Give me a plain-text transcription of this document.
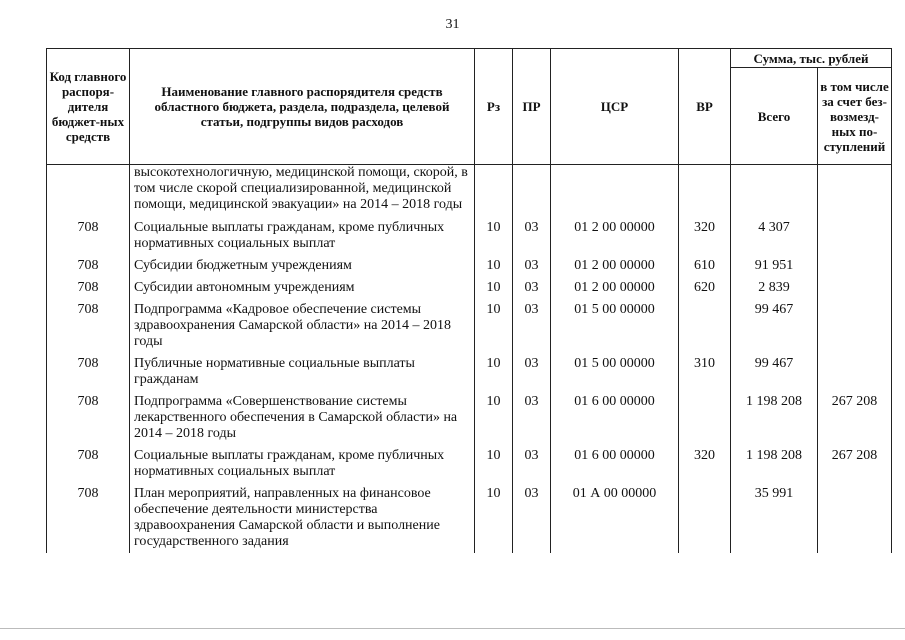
31
Код главного распоря-дителя бюджет-ных средств	Наименование главного распорядителя средств областного бюджета, раздела, подраздела, целевой статьи, подгруппы видов расходов	Рз	ПР	ЦСР	ВР	Сумма, тыс. рублей	
						Всего	в том числе за счет без-возмезд-ных по-ступлений
	высокотехнологичную, медицинской помощи, скорой, в том числе скорой специализированной, медицинской помощи, медицинской эвакуации» на 2014 – 2018 годы						
708	Социальные выплаты гражданам, кроме публичных нормативных социальных выплат	10	03	01 2 00 00000	320	4 307	
708	Субсидии бюджетным учреждениям	10	03	01 2 00 00000	610	91 951	
708	Субсидии автономным учреждениям	10	03	01 2 00 00000	620	2 839	
708	Подпрограмма «Кадровое обеспечение системы здравоохранения Самарской области» на 2014 – 2018 годы	10	03	01 5 00 00000		99 467	
708	Публичные нормативные социальные выплаты гражданам	10	03	01 5 00 00000	310	99 467	
708	Подпрограмма «Совершенствование системы лекарственного обеспечения в Самарской области» на 2014 – 2018 годы	10	03	01 6 00 00000		1 198 208	267 208
708	Социальные выплаты гражданам, кроме публичных нормативных социальных выплат	10	03	01 6 00 00000	320	1 198 208	267 208
708	План мероприятий, направленных на финансовое обеспечение деятельности министерства здравоохранения Самарской области и выполнение государственного задания	10	03	01 А 00 00000		35 991	
